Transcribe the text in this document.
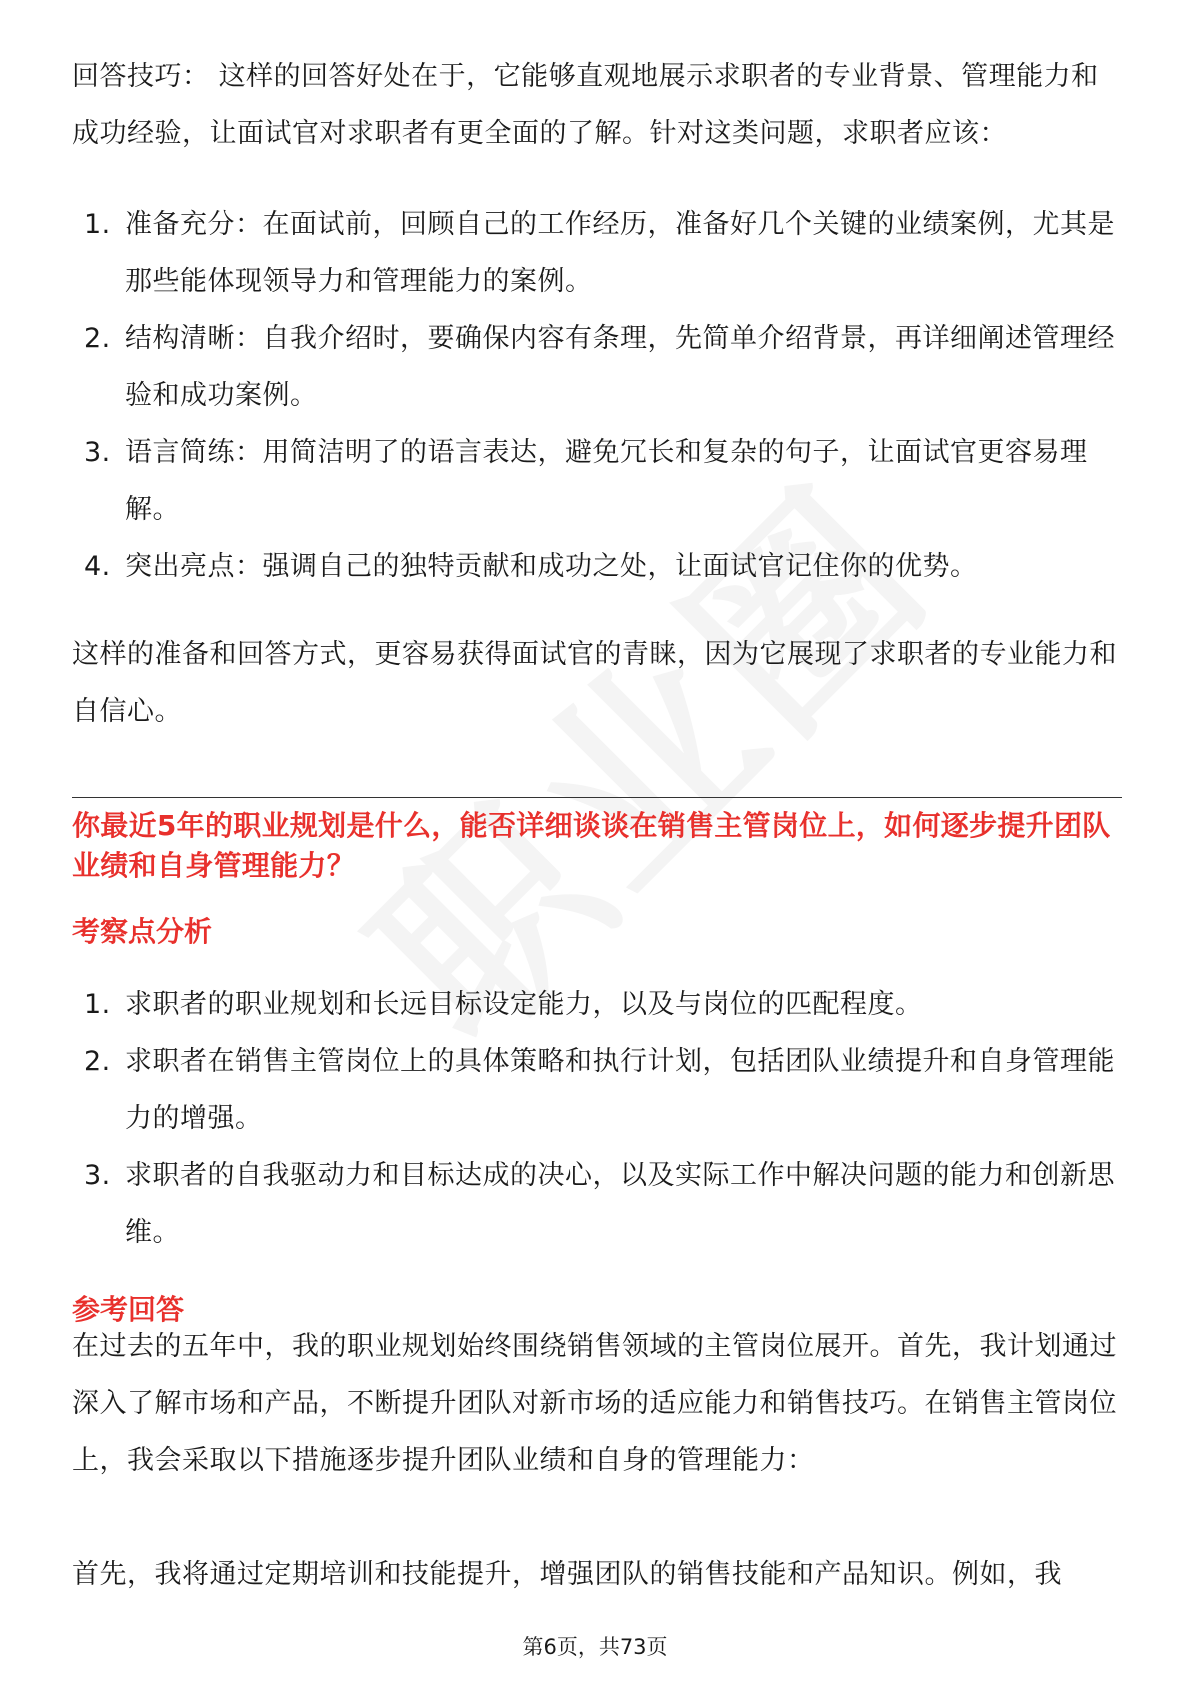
回答技巧： 这样的回答好处在于，它能够直观地展示求职者的专业背景、管理能力和成功经验，让面试官对求职者有更全面的了解。针对这类问题，求职者应该：
1. 准备充分：在面试前，回顾自己的工作经历，准备好几个关键的业绩案例，尤其是那些能体现领导力和管理能力的案例。
2. 结构清晰：自我介绍时，要确保内容有条理，先简单介绍背景，再详细阐述管理经验和成功案例。
3. 语言简练：用简洁明了的语言表达，避免冗长和复杂的句子，让面试官更容易理解。
4. 突出亮点：强调自己的独特贡献和成功之处，让面试官记住你的优势。
这样的准备和回答方式，更容易获得面试官的青睐，因为它展现了求职者的专业能力和自信心。
你最近5年的职业规划是什么，能否详细谈谈在销售主管岗位上，如何逐步提升团队业绩和自身管理能力？
考察点分析
1. 求职者的职业规划和长远目标设定能力，以及与岗位的匹配程度。
2. 求职者在销售主管岗位上的具体策略和执行计划，包括团队业绩提升和自身管理能力的增强。
3. 求职者的自我驱动力和目标达成的决心，以及实际工作中解决问题的能力和创新思维。
参考回答
在过去的五年中，我的职业规划始终围绕销售领域的主管岗位展开。首先，我计划通过深入了解市场和产品，不断提升团队对新市场的适应能力和销售技巧。在销售主管岗位上，我会采取以下措施逐步提升团队业绩和自身的管理能力：
首先，我将通过定期培训和技能提升，增强团队的销售技能和产品知识。例如，我
第6页，共73页
